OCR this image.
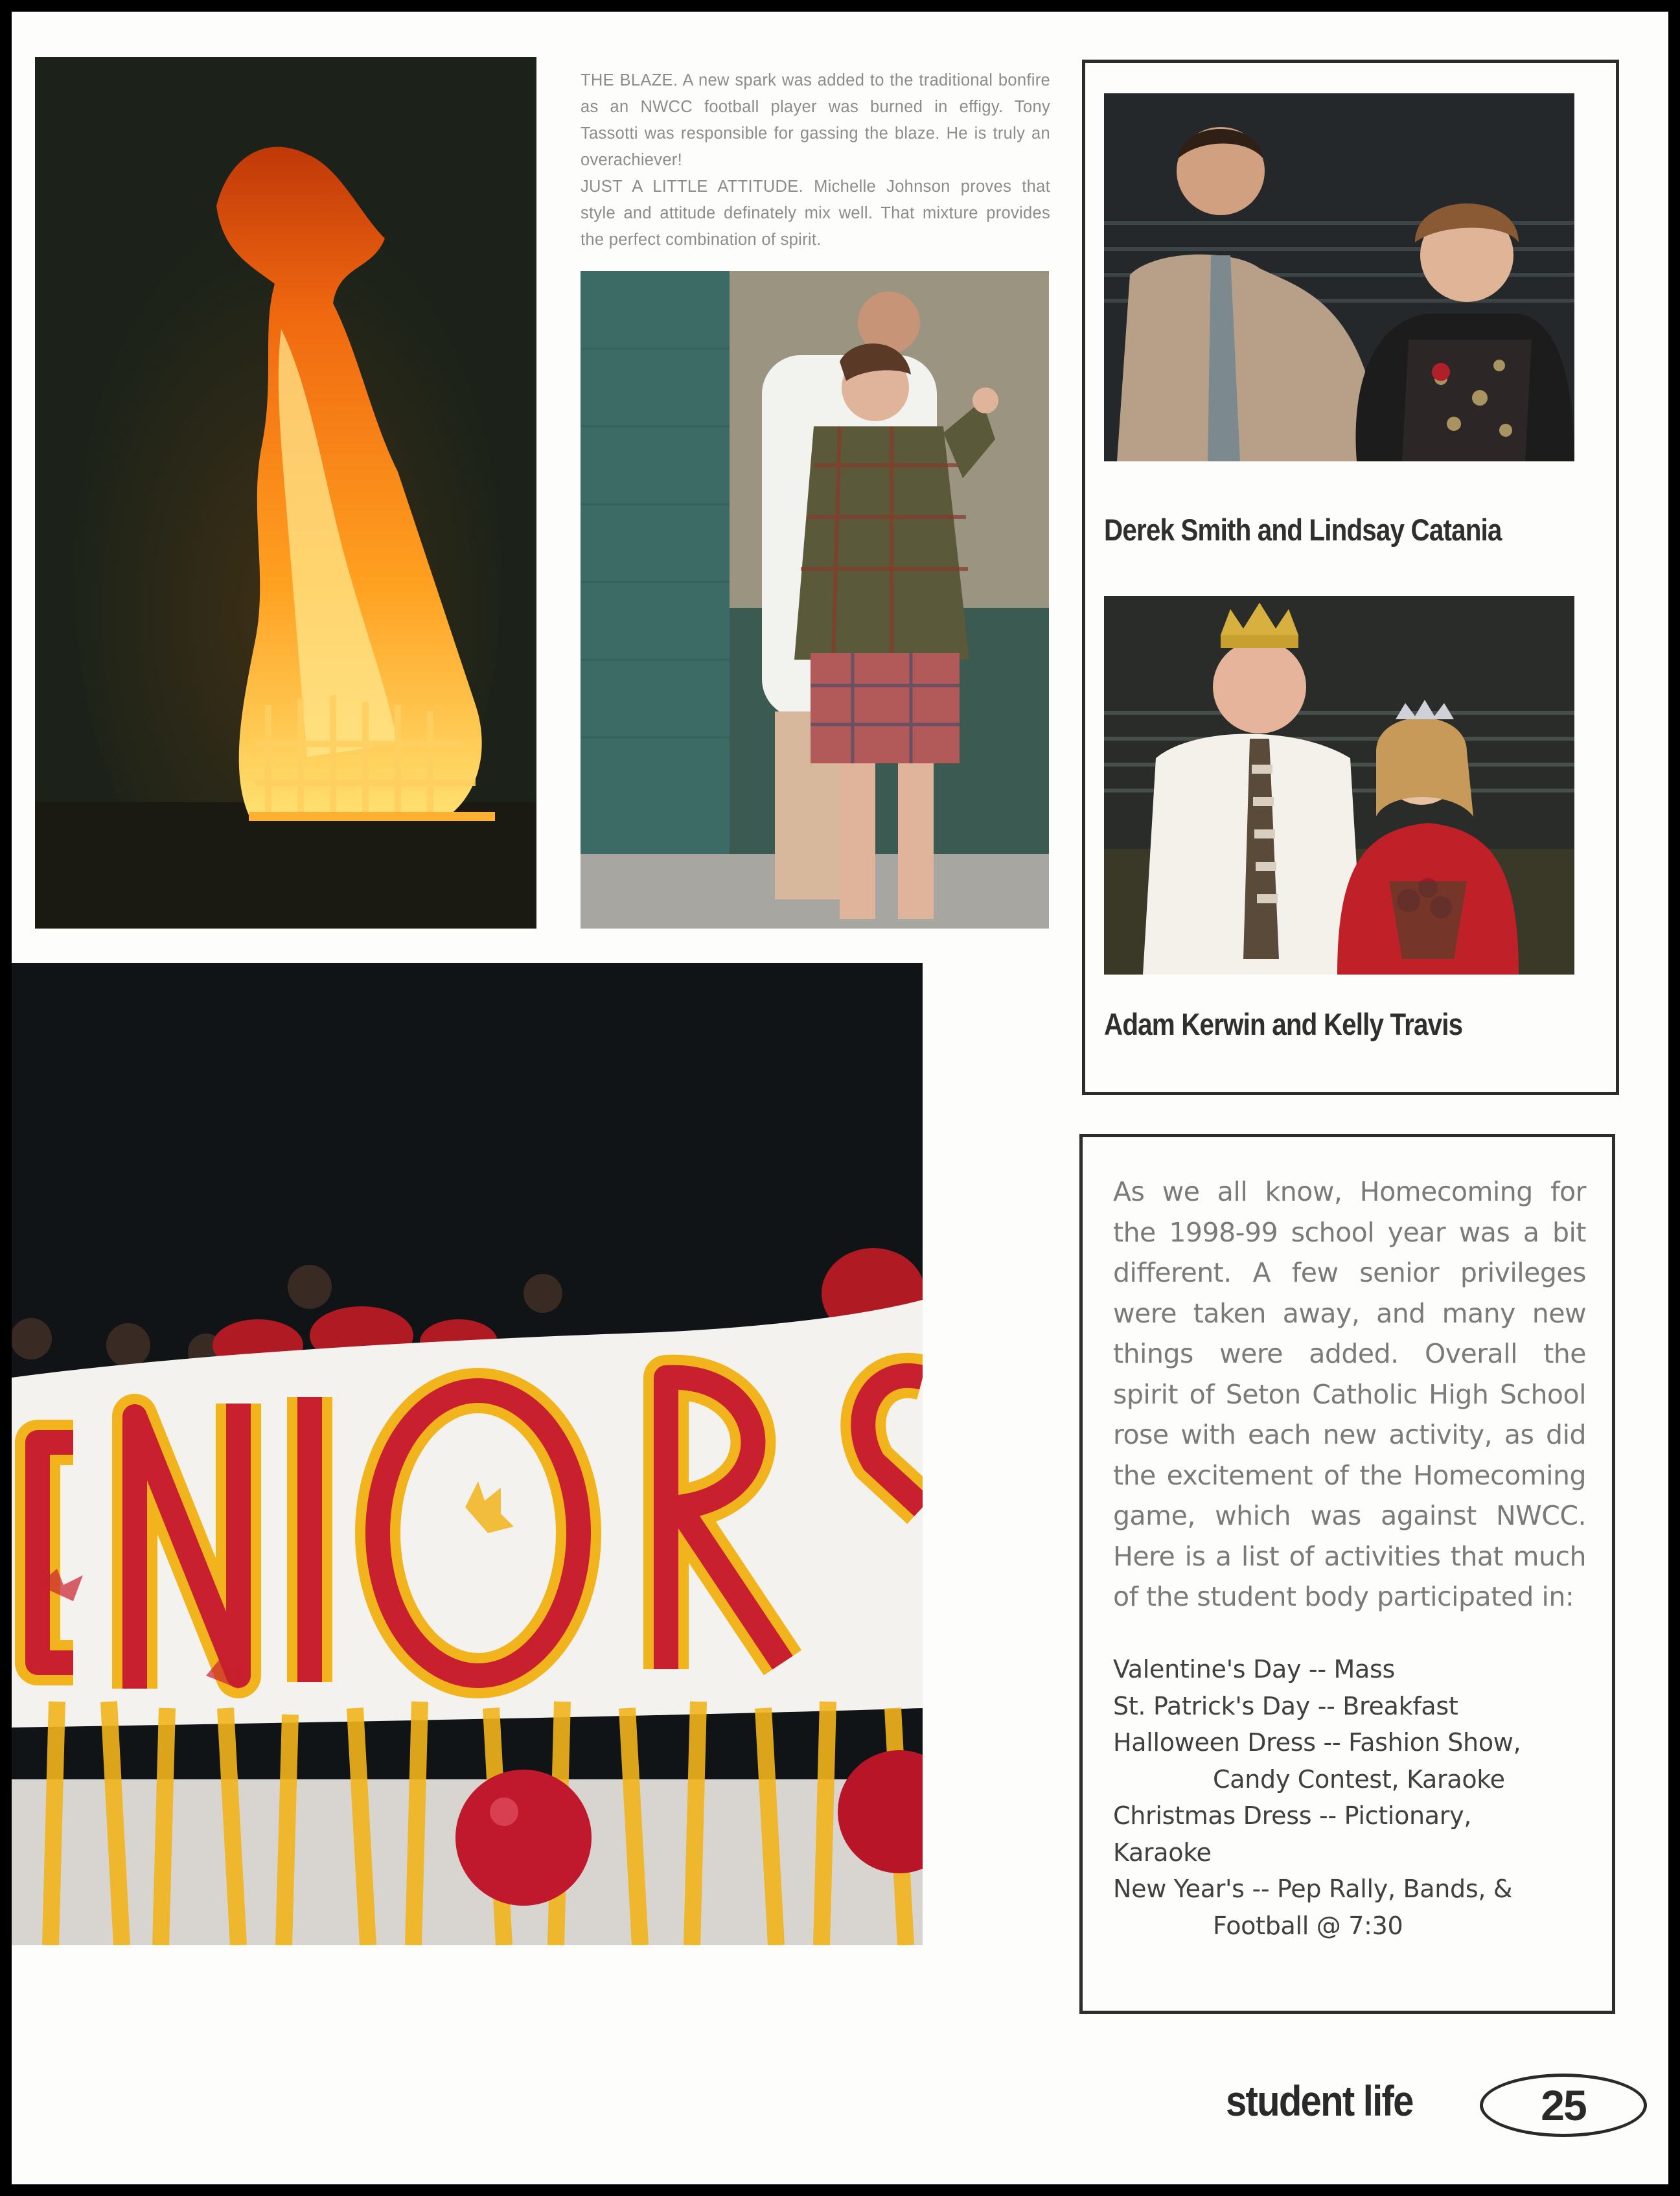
THE BLAZE. A new spark was added to the traditional bonfire as an NWCC football player was burned in effigy. Tony Tassotti was responsible for gassing the blaze. He is truly an overachiever!

JUST A LITTLE ATTITUDE. Michelle Johnson proves that style and attitude definately mix well. That mixture provides the perfect combination of spirit.

Derek Smith and Lindsay Catania
Adam Kerwin and Kelly Travis

As we all know, Homecoming for the 1998-99 school year was a bit different. A few senior privileges were taken away, and many new things were added. Overall the spirit of Seton Catholic High School rose with each new activity, as did the excitement of the Homecoming game, which was against NWCC. Here is a list of activities that much of the student body participated in:

Valentine's Day -- Mass
St. Patrick's Day -- Breakfast
Halloween Dress -- Fashion Show,
Candy Contest, Karaoke
Christmas Dress -- Pictionary,
Karaoke
New Year's -- Pep Rally, Bands, &
Football @ 7:30
student life	25
